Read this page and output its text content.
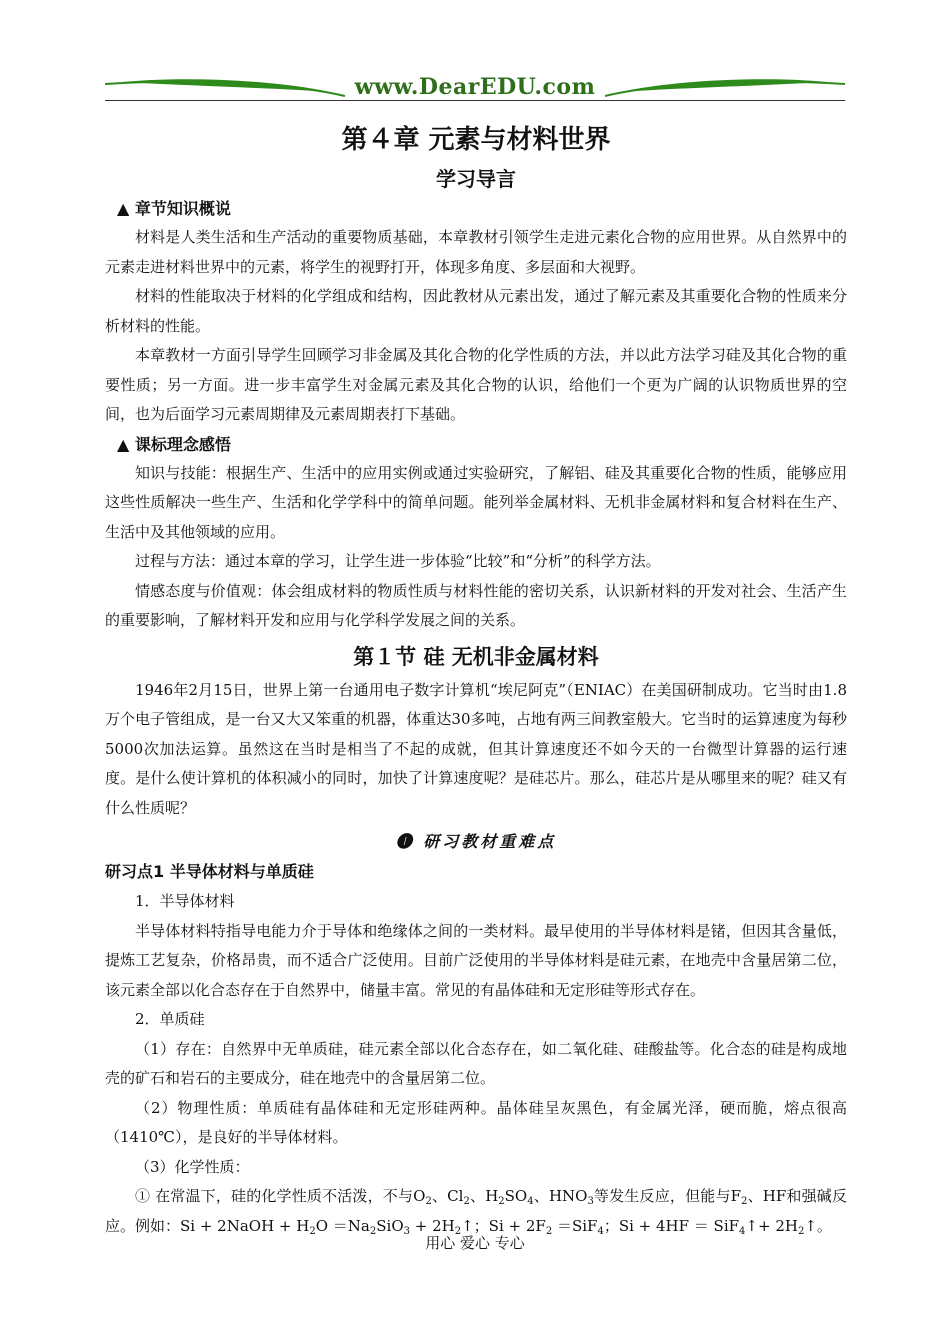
www.DearEDU.com
第４章 元素与材料世界
学习导言
▲ 章节知识概说

材料是人类生活和生产活动的重要物质基础，本章教材引领学生走进元素化合物的应用世界。从自然界中的元素走进材料世界中的元素，将学生的视野打开，体现多角度、多层面和大视野。

材料的性能取决于材料的化学组成和结构，因此教材从元素出发，通过了解元素及其重要化合物的性质来分析材料的性能。

本章教材一方面引导学生回顾学习非金属及其化合物的化学性质的方法，并以此方法学习硅及其化合物的重要性质；另一方面。进一步丰富学生对金属元素及其化合物的认识，给他们一个更为广阔的认识物质世界的空间，也为后面学习元素周期律及元素周期表打下基础。

▲ 课标理念感悟

知识与技能：根据生产、生活中的应用实例或通过实验研究，了解铝、硅及其重要化合物的性质，能够应用这些性质解决一些生产、生活和化学学科中的简单问题。能列举金属材料、无机非金属材料和复合材料在生产、生活中及其他领域的应用。

过程与方法：通过本章的学习，让学生进一步体验“比较”和“分析”的科学方法。

情感态度与价值观：体会组成材料的物质性质与材料性能的密切关系，认识新材料的开发对社会、生活产生的重要影响，了解材料开发和应用与化学科学发展之间的关系。

第１节 硅 无机非金属材料

1946年2月15日，世界上第一台通用电子数字计算机“埃尼阿克”（ENIAC）在美国研制成功。它当时由1.8万个电子管组成，是一台又大又笨重的机器，体重达30多吨，占地有两三间教室般大。它当时的运算速度为每秒5000次加法运算。虽然这在当时是相当了不起的成就，但其计算速度还不如今天的一台微型计算器的运行速度。是什么使计算机的体积减小的同时，加快了计算速度呢？是硅芯片。那么，硅芯片是从哪里来的呢？硅又有什么性质呢？

❶ 研习教材重难点
研习点1 半导体材料与单质硅

1．半导体材料

半导体材料特指导电能力介于导体和绝缘体之间的一类材料。最早使用的半导体材料是锗，但因其含量低，提炼工艺复杂，价格昂贵，而不适合广泛使用。目前广泛使用的半导体材料是硅元素，在地壳中含量居第二位，该元素全部以化合态存在于自然界中，储量丰富。常见的有晶体硅和无定形硅等形式存在。

2．单质硅

（1）存在：自然界中无单质硅，硅元素全部以化合态存在，如二氧化硅、硅酸盐等。化合态的硅是构成地壳的矿石和岩石的主要成分，硅在地壳中的含量居第二位。

（2）物理性质：单质硅有晶体硅和无定形硅两种。晶体硅呈灰黑色，有金属光泽，硬而脆，熔点很高（1410℃），是良好的半导体材料。

（3）化学性质：

① 在常温下，硅的化学性质不活泼，不与$O_2$、$Cl_2$、$H_2SO_4$、$HNO_3$等发生反应，但能与$F_2$、HF和强碱反应。例如：Si + 2NaOH + $H_2O =Na_2SiO_3$ + $2H_2↑$；$Si + 2F_2 =SiF_4$；Si + 4HF ＝ SiF$_4$↑+ $2H_2↑$。

用心 爱心 专心
